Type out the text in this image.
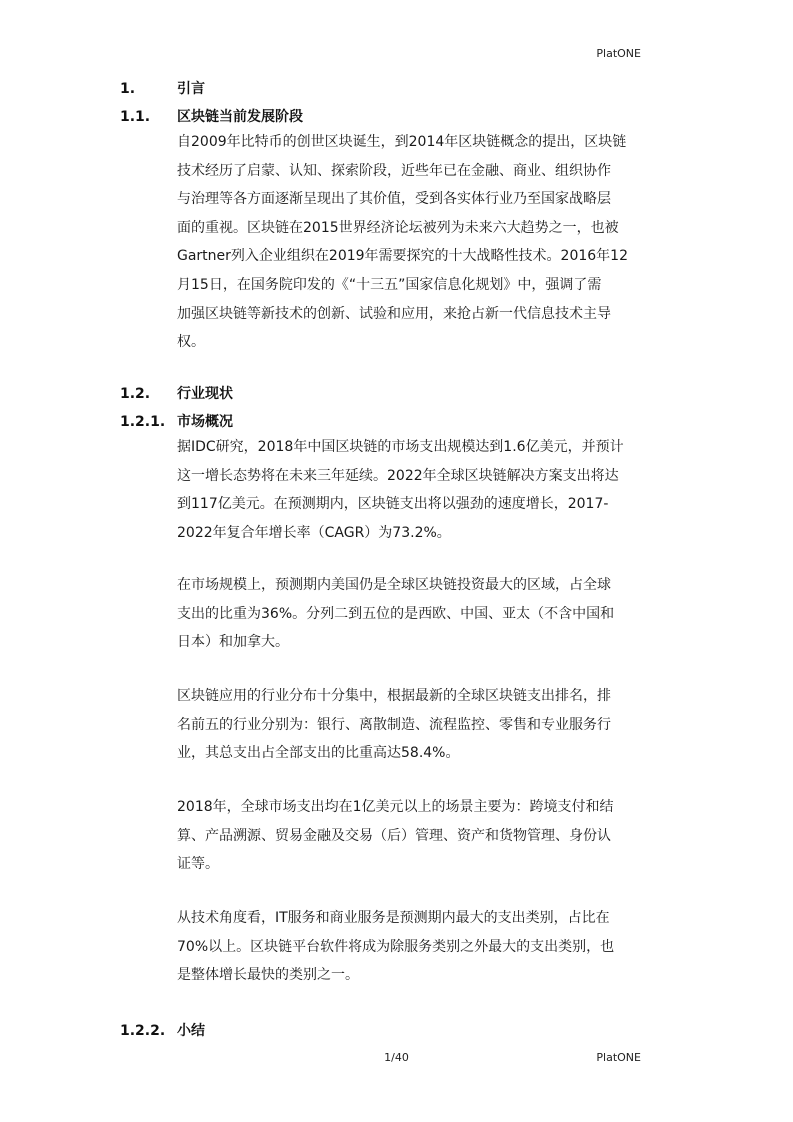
PlatONE
1.	引言
1.1. 区块链当前发展阶段
自2009年比特币的创世区块诞生，到2014年区块链概念的提出，区块链
技术经历了启蒙、认知、探索阶段，近些年已在金融、商业、组织协作
与治理等各方面逐渐呈现出了其价值，受到各实体行业乃至国家战略层
面的重视。区块链在2015世界经济论坛被列为未来六大趋势之一，也被
Gartner列入企业组织在2019年需要探究的十大战略性技术。2016年12
月15日，在国务院印发的《“十三五”国家信息化规划》中，强调了需
加强区块链等新技术的创新、试验和应用，来抢占新一代信息技术主导
权。
1.2. 行业现状
1.2.1. 市场概况
据IDC研究，2018年中国区块链的市场支出规模达到1.6亿美元，并预计
这一增长态势将在未来三年延续。2022年全球区块链解决方案支出将达
到117亿美元。在预测期内，区块链支出将以强劲的速度增长，2017-
2022年复合年增长率（CAGR）为73.2%。
在市场规模上，预测期内美国仍是全球区块链投资最大的区域，占全球
支出的比重为36%。分列二到五位的是西欧、中国、亚太（不含中国和
日本）和加拿大。
区块链应用的行业分布十分集中，根据最新的全球区块链支出排名，排
名前五的行业分别为：银行、离散制造、流程监控、零售和专业服务行
业，其总支出占全部支出的比重高达58.4%。
2018年，全球市场支出均在1亿美元以上的场景主要为：跨境支付和结
算、产品溯源、贸易金融及交易（后）管理、资产和货物管理、身份认
证等。
从技术角度看，IT服务和商业服务是预测期内最大的支出类别，占比在
70%以上。区块链平台软件将成为除服务类别之外最大的支出类别，也
是整体增长最快的类别之一。
1.2.2. 小结
1/40	PlatONE
